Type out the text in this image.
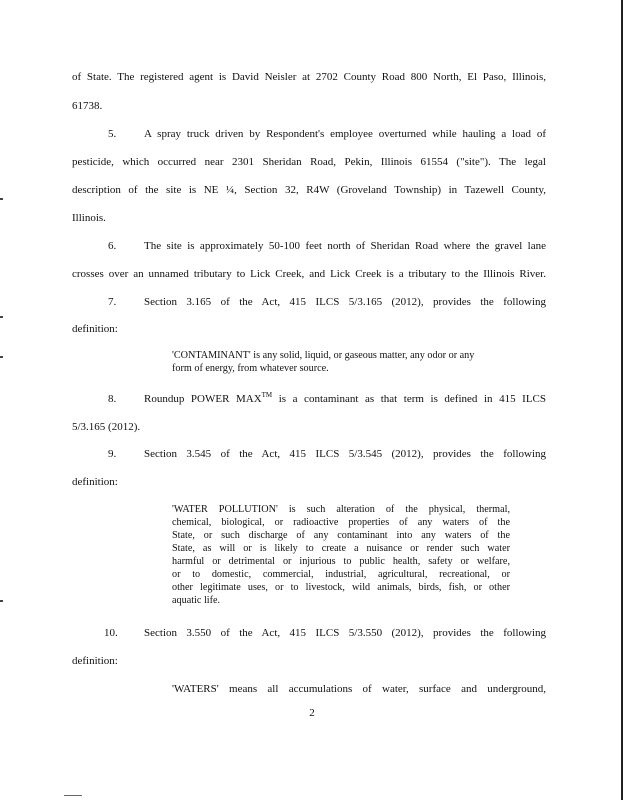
of State. The registered agent is David Neisler at 2702 County Road 800 North, El Paso, Illinois,
61738.
5.	A spray truck driven by Respondent's employee overturned while hauling a load of
pesticide, which occurred near 2301 Sheridan Road, Pekin, Illinois 61554 ("site"). The legal
description of the site is NE ¼, Section 32, R4W (Groveland Township) in Tazewell County,
Illinois.
6.	The site is approximately 50-100 feet north of Sheridan Road where the gravel lane
crosses over an unnamed tributary to Lick Creek, and Lick Creek is a tributary to the Illinois River.
7.	Section 3.165 of the Act, 415 ILCS 5/3.165 (2012), provides the following
definition:
'CONTAMINANT' is any solid, liquid, or gaseous matter, any odor or any
form of energy, from whatever source.
8.	Roundup POWER MAX™ is a contaminant as that term is defined in 415 ILCS
5/3.165 (2012).
9.	Section 3.545 of the Act, 415 ILCS 5/3.545 (2012), provides the following
definition:
'WATER POLLUTION' is such alteration of the physical, thermal,
chemical, biological, or radioactive properties of any waters of the
State, or such discharge of any contaminant into any waters of the
State, as will or is likely to create a nuisance or render such water
harmful or detrimental or injurious to public health, safety or welfare,
or to domestic, commercial, industrial, agricultural, recreational, or
other legitimate uses, or to livestock, wild animals, birds, fish, or other
aquatic life.
10. Section 3.550 of the Act, 415 ILCS 5/3.550 (2012), provides the following
definition:
'WATERS' means all accumulations of water, surface and underground,
2
